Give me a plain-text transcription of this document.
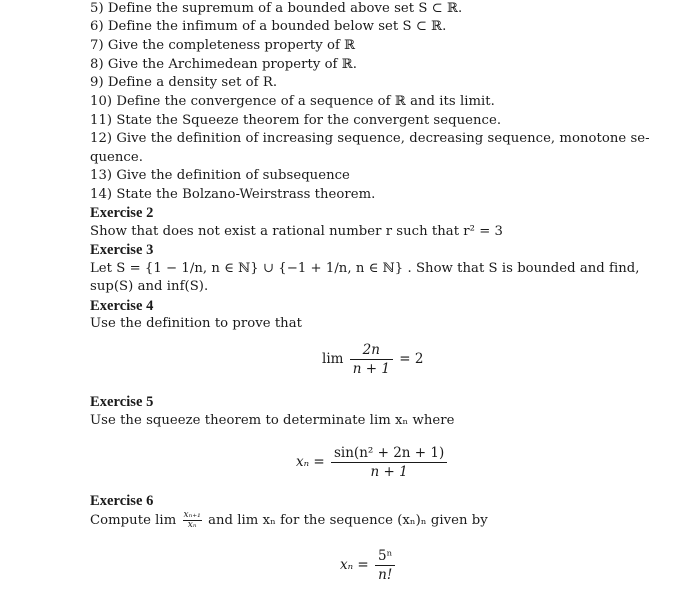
5) Define the supremum of a bounded above set S ⊂ ℝ.
6) Define the infimum of a bounded below set S ⊂ ℝ.
7) Give the completeness property of ℝ
8) Give the Archimedean property of ℝ.
9) Define a density set of R.
10) Define the convergence of a sequence of ℝ and its limit.
11) State the Squeeze theorem for the convergent sequence.
12) Give the definition of increasing sequence, decreasing sequence, monotone se-
quence.
13) Give the definition of subsequence
14) State the Bolzano-Weirstrass theorem.
Exercise 2
Show that does not exist a rational number r such that r² = 3
Exercise 3
Let S = {1 − 1/n, n ∈ ℕ} ∪ {−1 + 1/n, n ∈ ℕ} . Show that S is bounded and find,
sup(S) and inf(S).
Exercise 4
Use the definition to prove that
$\lim \frac{2n}{n + 1} = 2$
Exercise 5
Use the squeeze theorem to determinate lim xₙ where
$x_n = \frac{\text{sin(n² + 2n + 1)}}{n + 1}$
Exercise 6
Compute $\lim \frac{\text{xₙ₊₁}}{\text{xₙ}}$ and lim xₙ for the sequence (xₙ)ₙ given by
$x_n = \frac{\text{5ⁿ}}{n!}$
